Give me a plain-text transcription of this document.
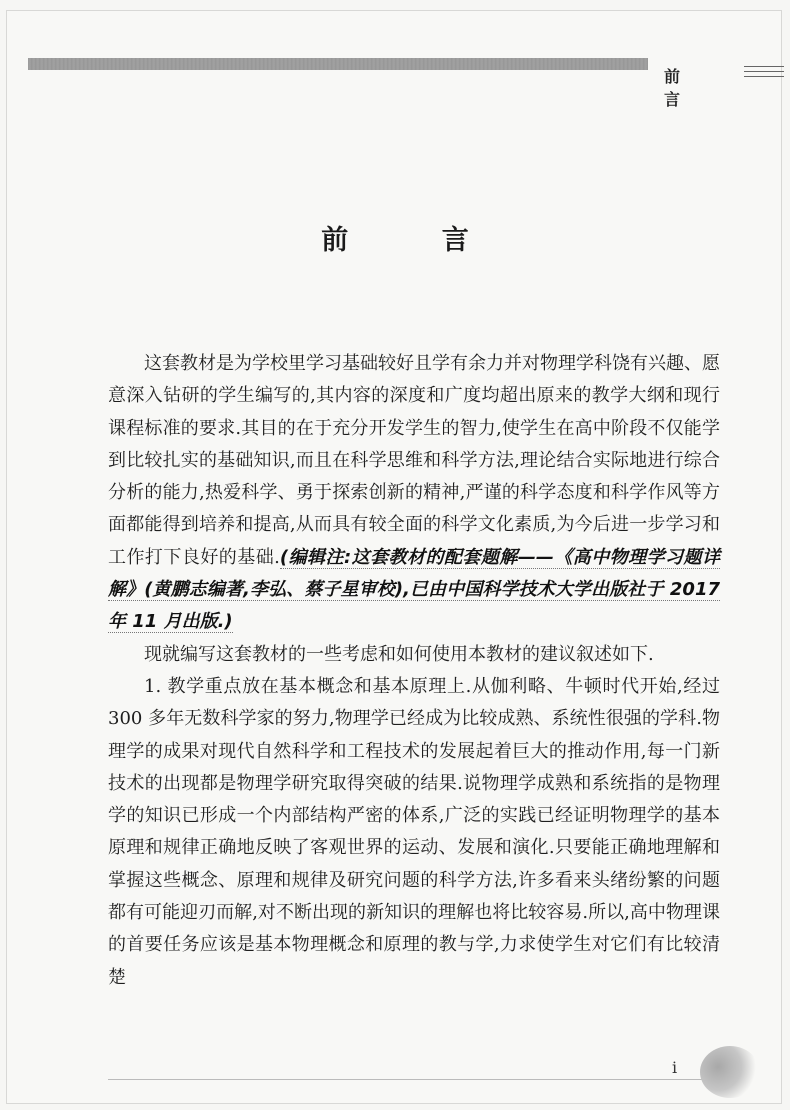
前 言
前 言

这套教材是为学校里学习基础较好且学有余力并对物理学科饶有兴趣、愿意深入钻研的学生编写的,其内容的深度和广度均超出原来的教学大纲和现行课程标准的要求.其目的在于充分开发学生的智力,使学生在高中阶段不仅能学到比较扎实的基础知识,而且在科学思维和科学方法,理论结合实际地进行综合分析的能力,热爱科学、勇于探索创新的精神,严谨的科学态度和科学作风等方面都能得到培养和提高,从而具有较全面的科学文化素质,为今后进一步学习和工作打下良好的基础.(编辑注:这套教材的配套题解——《高中物理学习题详解》(黄鹏志编著,李弘、蔡子星审校),已由中国科学技术大学出版社于 2017 年 11 月出版.)

现就编写这套教材的一些考虑和如何使用本教材的建议叙述如下.

1. 教学重点放在基本概念和基本原理上.从伽利略、牛顿时代开始,经过 300 多年无数科学家的努力,物理学已经成为比较成熟、系统性很强的学科.物理学的成果对现代自然科学和工程技术的发展起着巨大的推动作用,每一门新技术的出现都是物理学研究取得突破的结果.说物理学成熟和系统指的是物理学的知识已形成一个内部结构严密的体系,广泛的实践已经证明物理学的基本原理和规律正确地反映了客观世界的运动、发展和演化.只要能正确地理解和掌握这些概念、原理和规律及研究问题的科学方法,许多看来头绪纷繁的问题都有可能迎刃而解,对不断出现的新知识的理解也将比较容易.所以,高中物理课的首要任务应该是基本物理概念和原理的教与学,力求使学生对它们有比较清楚

i
